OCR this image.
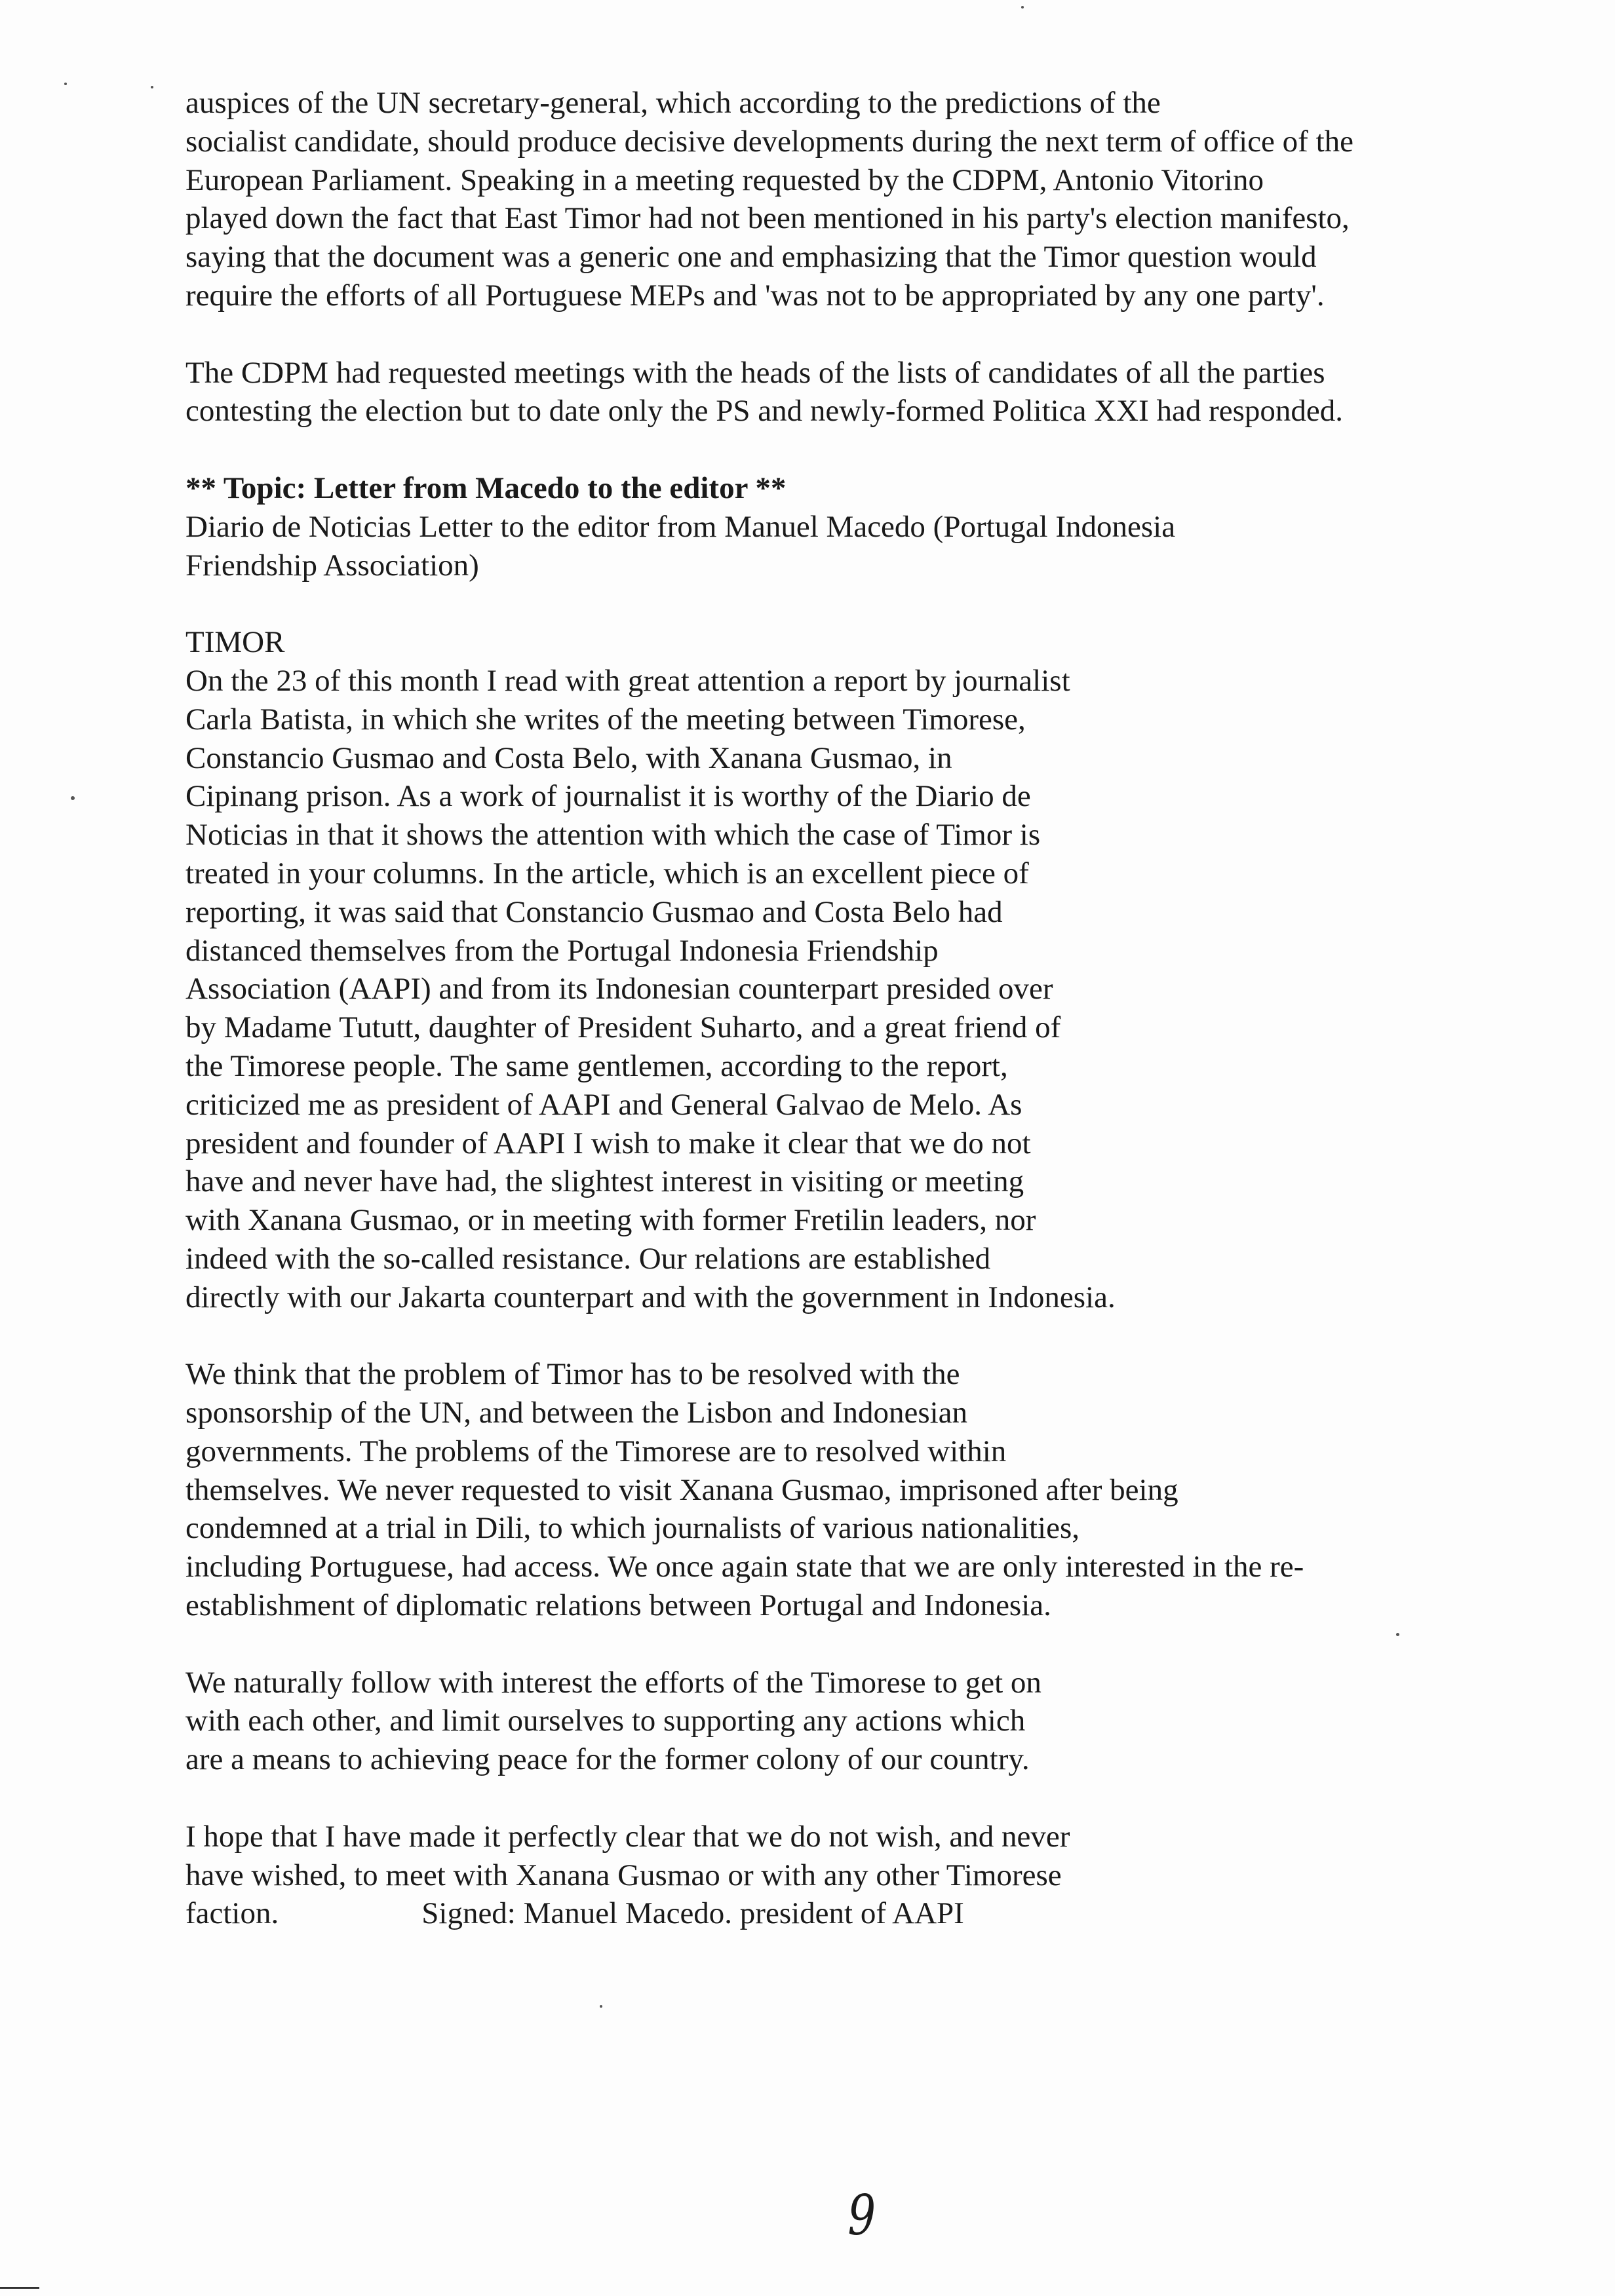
auspices of the UN secretary-general, which according to the predictions of the
socialist candidate, should produce decisive developments during the next term of office of the
European Parliament. Speaking in a meeting requested by the CDPM, Antonio Vitorino
played down the fact that East Timor had not been mentioned in his party's election manifesto,
saying that the document was a generic one and emphasizing that the Timor question would
require the efforts of all Portuguese MEPs and 'was not to be appropriated by any one party'.
The CDPM had requested meetings with the heads of the lists of candidates of all the parties
contesting the election but to date only the PS and newly-formed Politica XXI had responded.
** Topic: Letter from Macedo to the editor **
Diario de Noticias Letter to the editor from Manuel Macedo (Portugal Indonesia
Friendship Association)
TIMOR
On the 23 of this month I read with great attention a report by journalist
Carla Batista, in which she writes of the meeting between Timorese,
Constancio Gusmao and Costa Belo, with Xanana Gusmao, in
Cipinang prison. As a work of journalist it is worthy of the Diario de
Noticias in that it shows the attention with which the case of Timor is
treated in your columns. In the article, which is an excellent piece of
reporting, it was said that Constancio Gusmao and Costa Belo had
distanced themselves from the Portugal Indonesia Friendship
Association (AAPI) and from its Indonesian counterpart presided over
by Madame Tututt, daughter of President Suharto, and a great friend of
the Timorese people. The same gentlemen, according to the report,
criticized me as president of AAPI and General Galvao de Melo. As
president and founder of AAPI I wish to make it clear that we do not
have and never have had, the slightest interest in visiting or meeting
with Xanana Gusmao, or in meeting with former Fretilin leaders, nor
indeed with the so-called resistance. Our relations are established
directly with our Jakarta counterpart and with the government in Indonesia.
We think that the problem of Timor has to be resolved with the
sponsorship of the UN, and between the Lisbon and Indonesian
governments. The problems of the Timorese are to resolved within
themselves. We never requested to visit Xanana Gusmao, imprisoned after being
condemned at a trial in Dili, to which journalists of various nationalities,
including Portuguese, had access. We once again state that we are only interested in the re-
establishment of diplomatic relations between Portugal and Indonesia.
We naturally follow with interest the efforts of the Timorese to get on
with each other, and limit ourselves to supporting any actions which
are a means to achieving peace for the former colony of our country.
I hope that I have made it perfectly clear that we do not wish, and never
have wished, to meet with Xanana Gusmao or with any other Timorese
faction.	Signed: Manuel Macedo. president of AAPI
9
